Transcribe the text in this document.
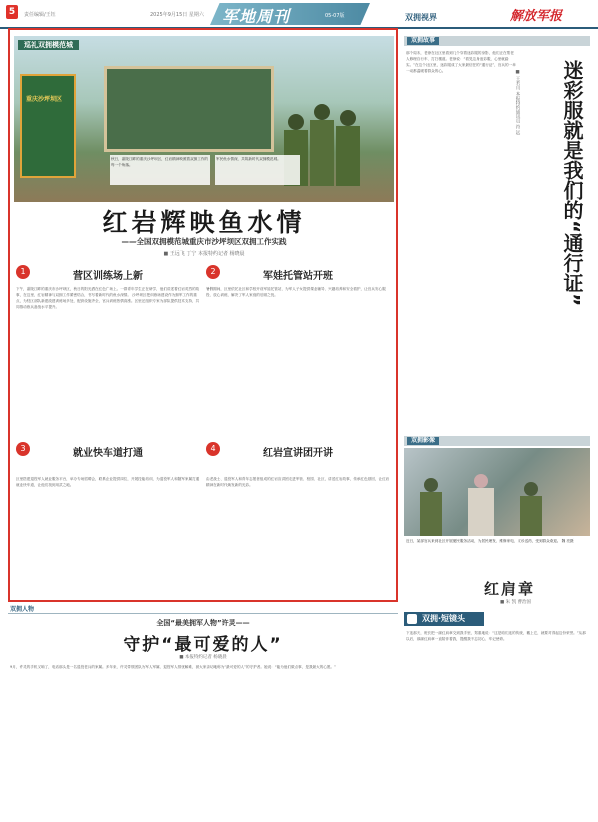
5	责任编辑/王钰	2025年9月15日 星期六 军地周刊	05-07版	双拥视界	解放军报
巡礼双拥模范城
重庆沙坪坝区
秋日，嘉陵江畔的重庆沙坪坝区，红岩精神映照着双拥工作的每一个角落。
军民鱼水情深，共筑新时代双拥模范城。
红岩辉映鱼水情
——全国双拥模范城重庆市沙坪坝区双拥工作实践
■ 王远飞 丁宁 本报特约记者 杨晓晨
1	营区训练场上新
下午，嘉陵江畔的重庆市沙坪坝区，秋日的阳光洒在红色广场上。一群青年学生正在研学，他们讲述着红岩英烈的故事，在这里，红岩精神与双拥工作紧密结合，书写着新时代的鱼水深情。 沙坪坝区把训练场建设作为拥军工作的重点，为驻区部队新建改建训练场多处，配套设施齐全，官兵训练热情高涨。区里还组织专家为部队提供技术支持，共同推动练兵备战水平提升。
2	军娃托管站开班
暑假期间，区里依托社区和学校开设军娃托管站，为军人子女提供课业辅导、兴趣培养和安全看护，让官兵安心服役、放心训练，解决了军人家庭的后顾之忧。
3	就业快车道打通
区里搭建退役军人就业服务平台，举办专场招聘会，联系企业提供岗位，开展技能培训，为退役军人和随军家属打通就业快车道，让他们找到用武之地。
4	红岩宣讲团开讲
由老战士、退役军人和青年志愿者组成的红岩宣讲团走进军营、校园、社区，讲述红岩故事，传承红色基因，让红岩精神在新时代焕发新的光彩。
双拥故事
那个周末，老徐在社区里看到几个穿着迷彩服的身影，他们正在帮老人修理自行车、打扫楼道。老徐说：“看见这身迷彩服，心里就踏实。”在这个社区里，迷彩服成了大家最信任的“通行证”，官兵的一举一动都温暖着群众的心。	迷彩服就是我们的“通行证”
■ 王若川 本报特约通讯员 符 远
双拥影像
近日，某部官兵来到社区开展便民服务活动，为居民理发、维修家电、义诊送药，受到群众欢迎。 魏 亮摄
红肩章
■ 朱 凯 曹治国
双拥·短镜头
下连那天，班长把一副红肩章交到我手里，郑重地说：“这是咱们连的传统，戴上它，就要对得起这份荣誉。”从那以后，那副红肩章一直陪伴着我，提醒我不忘初心、牢记使命。
双拥人物
全国“最美拥军人物”许灵——
守护“最可爱的人”
■ 本报特约记者 杨晓晨
9月，许灵的手机又响了，电话那头是一名退役老兵的家属。多年来，许灵带领团队为军人军属、退役军人排忧解难，被大家亲切地称为“最可爱的人”的守护者。她说：“能为他们做点事，是我最大的心愿。”
